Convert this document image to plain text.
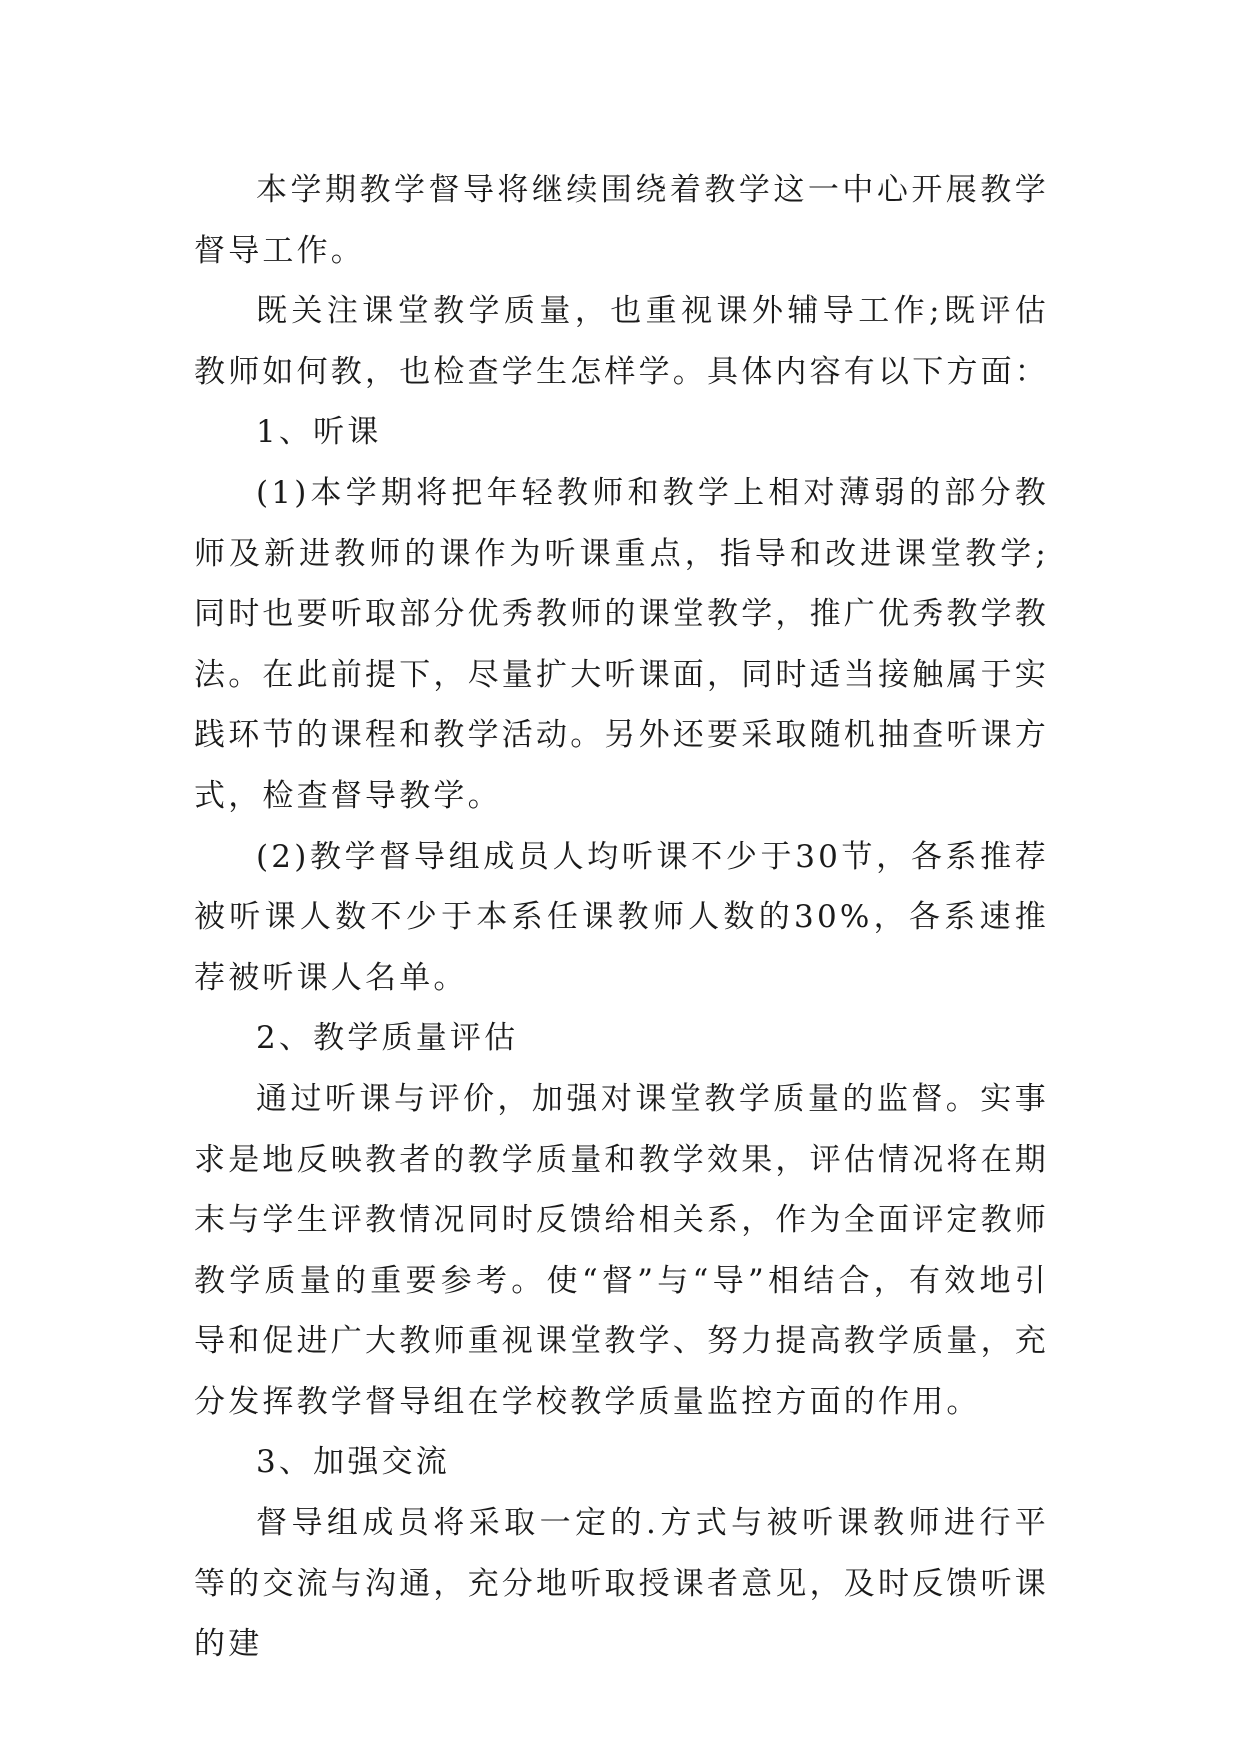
本学期教学督导将继续围绕着教学这一中心开展教学督导工作。

既关注课堂教学质量，也重视课外辅导工作;既评估教师如何教，也检查学生怎样学。具体内容有以下方面：

1、听课

(1)本学期将把年轻教师和教学上相对薄弱的部分教师及新进教师的课作为听课重点，指导和改进课堂教学;同时也要听取部分优秀教师的课堂教学，推广优秀教学教法。在此前提下，尽量扩大听课面，同时适当接触属于实践环节的课程和教学活动。另外还要采取随机抽查听课方式，检查督导教学。

(2)教学督导组成员人均听课不少于30节，各系推荐被听课人数不少于本系任课教师人数的30%，各系速推荐被听课人名单。

2、教学质量评估

通过听课与评价，加强对课堂教学质量的监督。实事求是地反映教者的教学质量和教学效果，评估情况将在期末与学生评教情况同时反馈给相关系，作为全面评定教师教学质量的重要参考。使“督”与“导”相结合，有效地引导和促进广大教师重视课堂教学、努力提高教学质量，充分发挥教学督导组在学校教学质量监控方面的作用。

3、加强交流

督导组成员将采取一定的.方式与被听课教师进行平等的交流与沟通，充分地听取授课者意见，及时反馈听课的建
